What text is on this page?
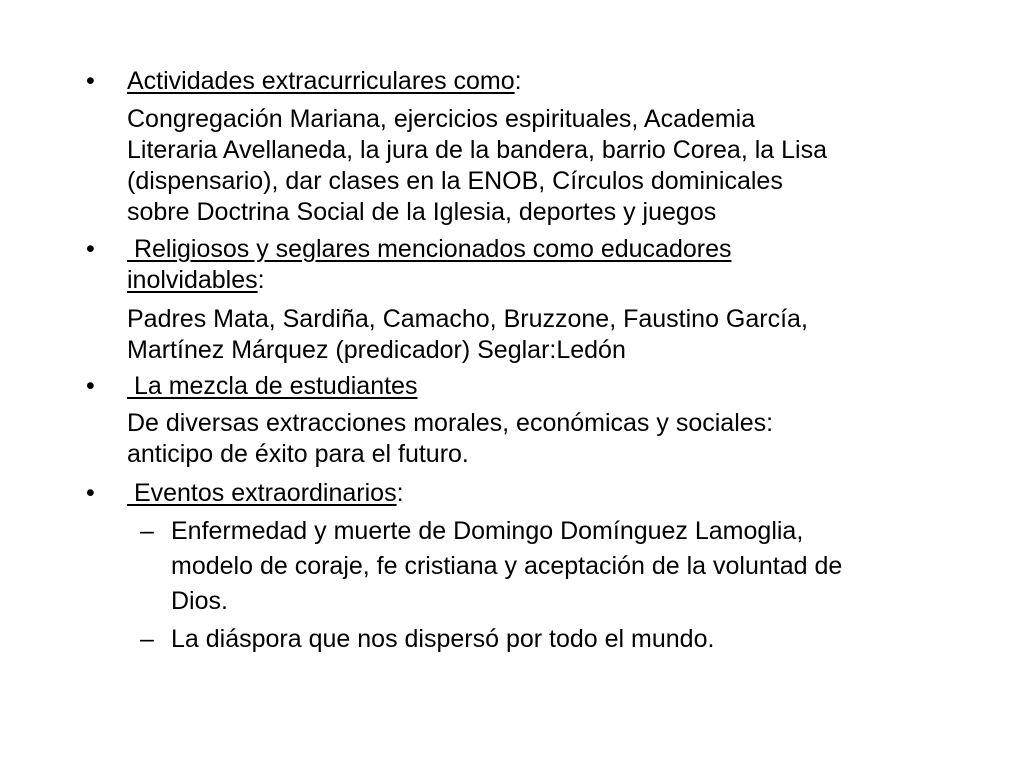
• Actividades extracurriculares como:
Congregación Mariana, ejercicios espirituales, Academia
Literaria Avellaneda, la jura de la bandera, barrio Corea, la Lisa
(dispensario), dar clases en la ENOB, Círculos dominicales
sobre Doctrina Social de la Iglesia, deportes y juegos
• Religiosos y seglares mencionados como educadores
inolvidables:
Padres Mata, Sardiña, Camacho, Bruzzone, Faustino García,
Martínez Márquez (predicador) Seglar:Ledón
• La mezcla de estudiantes
De diversas extracciones morales, económicas y sociales:
anticipo de éxito para el futuro.
• Eventos extraordinarios:
– Enfermedad y muerte de Domingo Domínguez Lamoglia,
modelo de coraje, fe cristiana y aceptación de la voluntad de
Dios.
– La diáspora que nos dispersó por todo el mundo.
